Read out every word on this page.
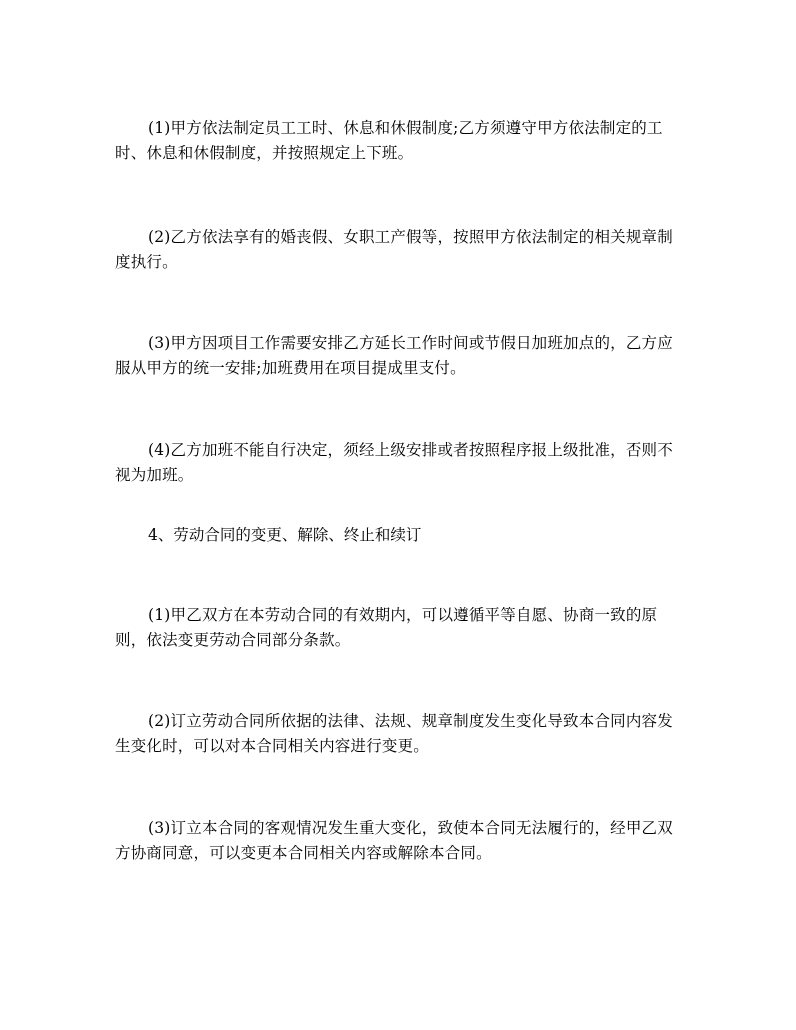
(1)甲方依法制定员工工时、休息和休假制度;乙方须遵守甲方依法制定的工时、休息和休假制度，并按照规定上下班。

(2)乙方依法享有的婚丧假、女职工产假等，按照甲方依法制定的相关规章制度执行。

(3)甲方因项目工作需要安排乙方延长工作时间或节假日加班加点的，乙方应服从甲方的统一安排;加班费用在项目提成里支付。

(4)乙方加班不能自行决定，须经上级安排或者按照程序报上级批准，否则不视为加班。

4、劳动合同的变更、解除、终止和续订

(1)甲乙双方在本劳动合同的有效期内，可以遵循平等自愿、协商一致的原则，依法变更劳动合同部分条款。

(2)订立劳动合同所依据的法律、法规、规章制度发生变化导致本合同内容发生变化时，可以对本合同相关内容进行变更。

(3)订立本合同的客观情况发生重大变化，致使本合同无法履行的，经甲乙双方协商同意，可以变更本合同相关内容或解除本合同。
